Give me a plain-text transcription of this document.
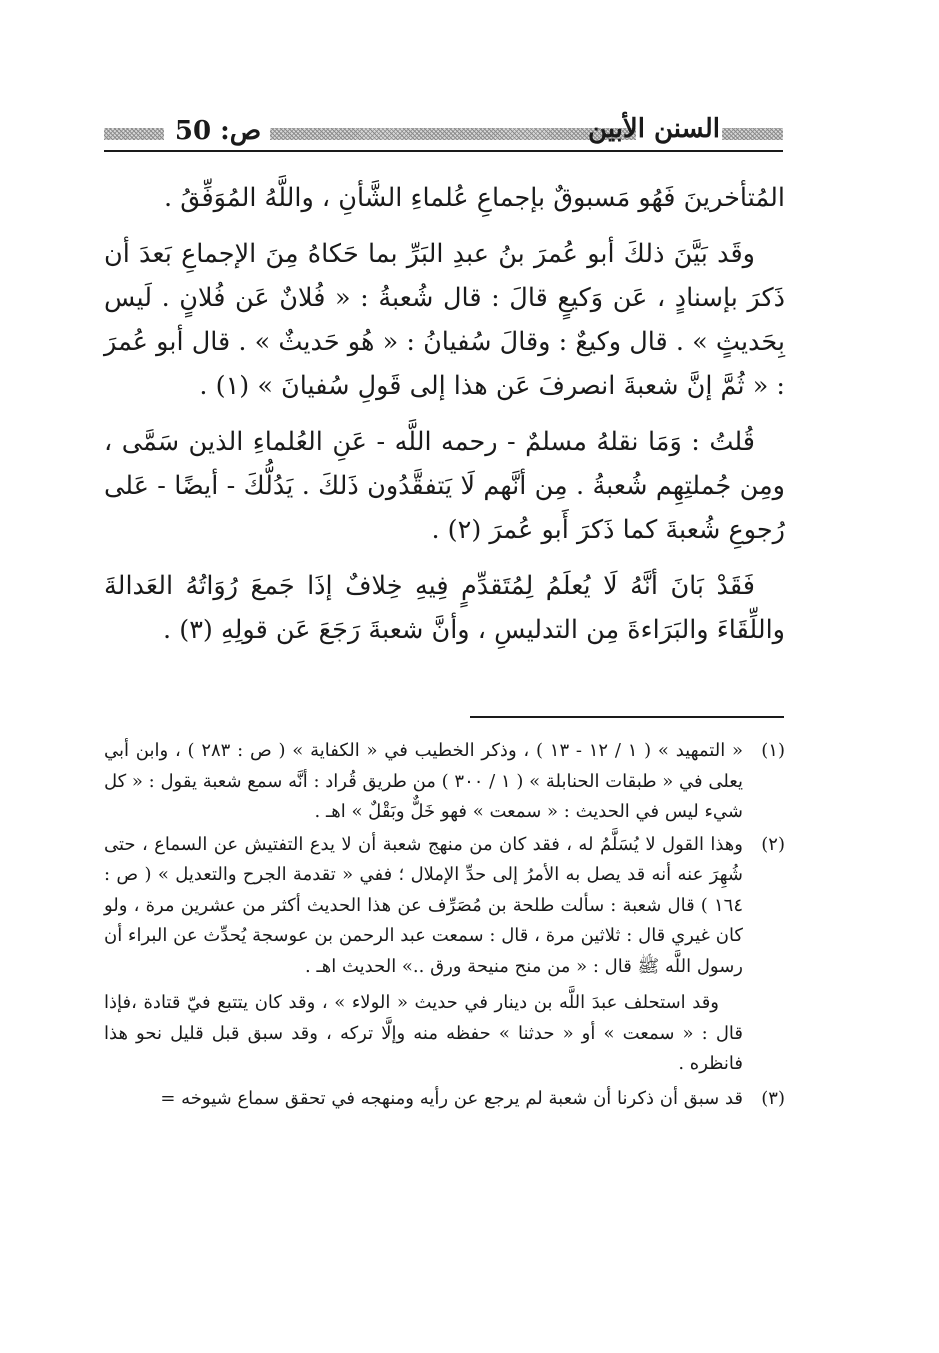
ص: 50	السنن الأبين

المُتأخرينَ فَهُو مَسبوقٌ بإجماعِ عُلماءِ الشَّأنِ ، واللَّهُ المُوَفِّقُ .

وقَد بَيَّنَ ذلكَ أبو عُمرَ بنُ عبدِ البَرِّ بما حَكاهُ مِنَ الإجماعِ بَعدَ أن ذَكرَ بإسنادٍ ، عَن وَكيعٍ قالَ : قال شُعبةُ : « فُلانٌ عَن فُلانٍ . لَيس بِحَديثٍ » . قال وكيعٌ : وقالَ سُفيانُ : « هُو حَديثٌ » . قال أبو عُمرَ : « ثُمَّ إنَّ شعبةَ انصرفَ عَن هذا إلى قَولِ سُفيانَ » (١) .

قُلتُ : وَمَا نقلهُ مسلمٌ - رحمه اللَّه - عَنِ العُلماءِ الذين سَمَّى ، ومِن جُملتِهِم شُعبةُ . مِن أنَّهم لَا يَتفقَّدُون ذَلكَ . يَدُلُّكَ - أيضًا - عَلى رُجوعِ شُعبةَ كما ذَكرَ أَبو عُمرَ (٢) .

فَقَدْ بَانَ أنَّهُ لَا يُعلَمُ لِمُتَقدِّمٍ فِيهِ خِلافٌ إذَا جَمعَ رُوَاتُهُ العَدالةَ واللِّقَاءَ والبَرَاءةَ مِن التدليسِ ، وأنَّ شعبةَ رَجَعَ عَن قولِهِ (٣) .

(١)
« التمهيد » ( ١ / ١٢ - ١٣ ) ، وذكر الخطيب في « الكفاية » ( ص : ٢٨٣ ) ، وابن أبي يعلى في « طبقات الحنابلة » ( ١ / ٣٠٠ ) من طريق قُراد : أنَّه سمع شعبة يقول : « كل شيء ليس في الحديث : « سمعت » فهو خَلٌّ وبَقْلٌ » اهـ .
(٢)
وهذا القول لا يُسَلَّمُ له ، فقد كان من منهج شعبة أن لا يدع التفتيش عن السماع ، حتى شُهِرَ عنه أنه قد يصل به الأمرُ إلى حدِّ الإملال ؛ ففي « تقدمة الجرح والتعديل » ( ص : ١٦٤ ) قال شعبة : سألت طلحة بن مُصَرِّف عن هذا الحديث أكثر من عشرين مرة ، ولو كان غيري قال : ثلاثين مرة ، قال : سمعت عبد الرحمن بن عوسجة يُحدِّث عن البراء أن رسول اللَّه ﷺ قال : « من منح منيحة ورق ..» الحديث اهـ .
وقد استحلف عبدَ اللَّه بن دينار في حديث « الولاء » ، وقد كان يتتبع فيّ قتادة ،فإذا قال : « سمعت » أو « حدثنا » حفظه منه وإلَّا تركه ، وقد سبق قبل قليل نحو هذا فانظره .
(٣)
قد سبق أن ذكرنا أن شعبة لم يرجع عن رأيه ومنهجه في تحقق سماع شيوخه =
